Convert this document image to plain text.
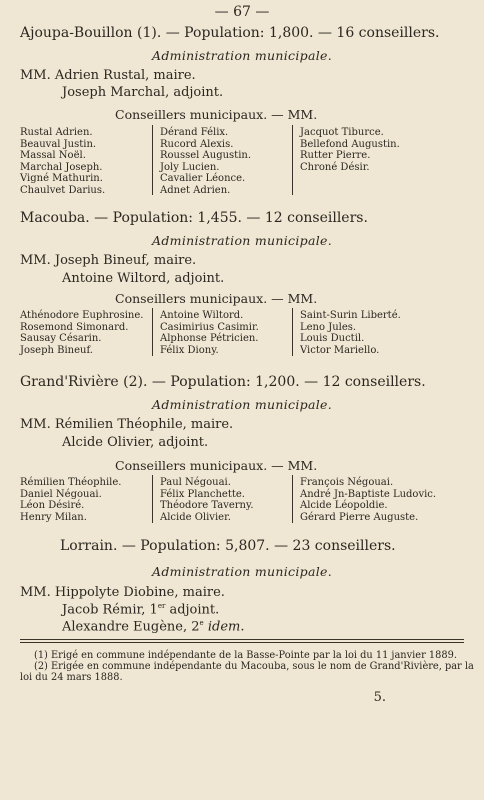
— 67 —
Ajoupa-Bouillon (1). — Population: 1,800. — 16 conseillers.
Administration municipale.
MM. Adrien Rustal, maire.
Joseph Marchal, adjoint.
Conseillers municipaux. — MM.
Rustal Adrien.
Beauval Justin.
Massal Noël.
Marchal Joseph.
Vigné Mathurin.
Chaulvet Darius.
Dérand Félix.
Rucord Alexis.
Roussel Augustin.
Joly Lucien.
Cavalier Léonce.
Adnet Adrien.
Jacquot Tiburce.
Bellefond Augustin.
Rutter Pierre.
Chroné Désir.
Macouba. — Population: 1,455. — 12 conseillers.
Administration municipale.
MM. Joseph Bineuf, maire.
Antoine Wiltord, adjoint.
Conseillers municipaux. — MM.
Athénodore Euphrosine.
Rosemond Simonard.
Sausay Césarin.
Joseph Bineuf.
Antoine Wiltord.
Casimirius Casimir.
Alphonse Pétricien.
Félix Diony.
Saint-Surin Liberté.
Leno Jules.
Louis Ductil.
Victor Mariello.
Grand'Rivière (2). — Population: 1,200. — 12 conseillers.
Administration municipale.
MM. Rémilien Théophile, maire.
Alcide Olivier, adjoint.
Conseillers municipaux. — MM.
Rémilien Théophile.
Daniel Négouai.
Léon Désiré.
Henry Milan.
Paul Négouai.
Félix Planchette.
Théodore Taverny.
Alcide Olivier.
François Négouai.
André Jn-Baptiste Ludovic.
Alcide Léopoldie.
Gérard Pierre Auguste.
Lorrain. — Population: 5,807. — 23 conseillers.
Administration municipale.
MM. Hippolyte Diobine, maire.
Jacob Rémir, 1er adjoint.
Alexandre Eugène, 2e idem.
(1) Erigé en commune indépendante de la Basse-Pointe par la loi du 11 janvier 1889.
(2) Erigée en commune indépendante du Macouba, sous le nom de Grand'Rivière, par la
loi du 24 mars 1888.
5.
